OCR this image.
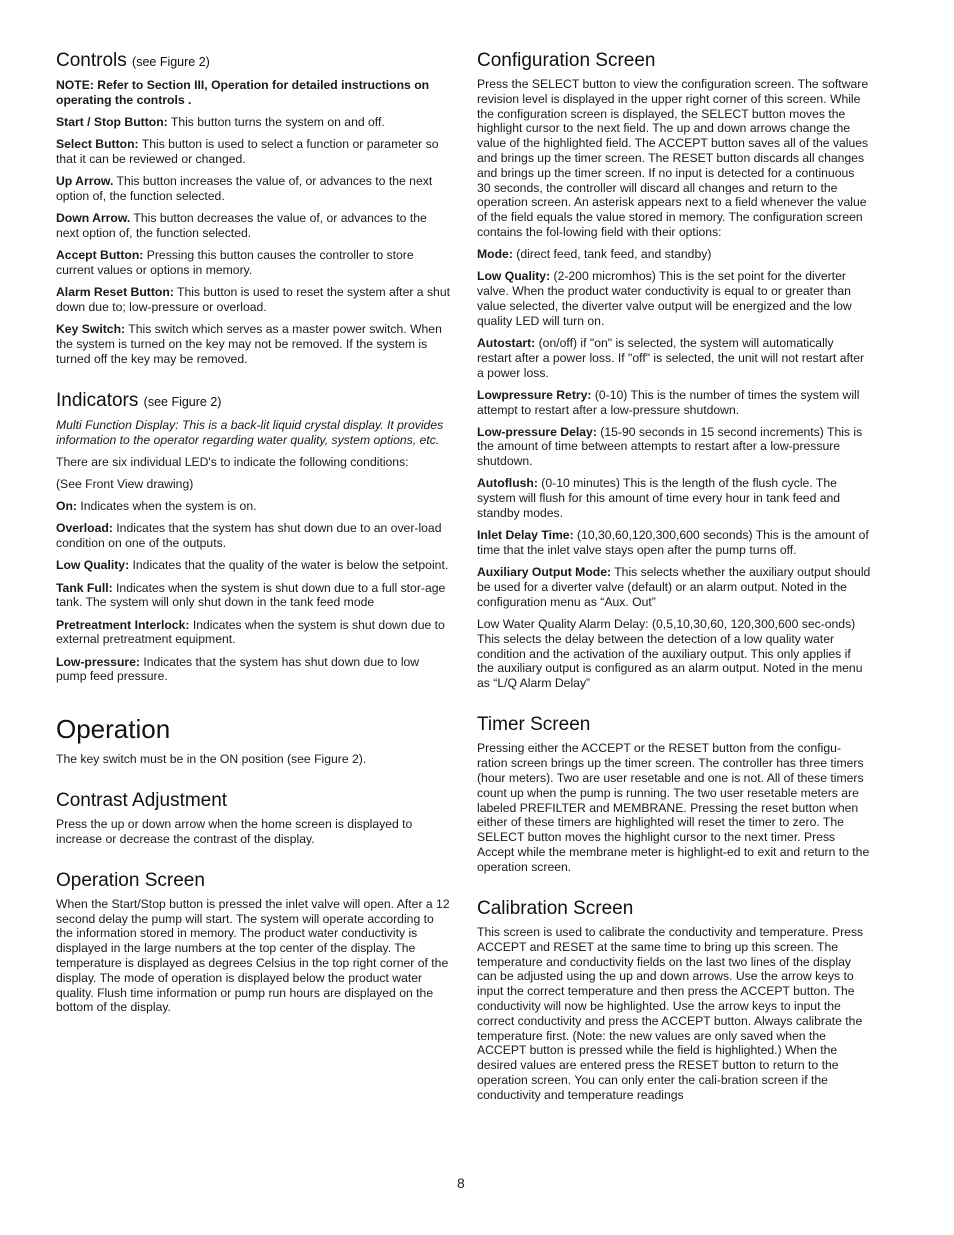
Controls (see Figure 2)

NOTE: Refer to Section III, Operation for detailed instructions on operating the controls .

Start / Stop Button: This button turns the system on and off.

Select Button: This button is used to select a function or parameter so that it can be reviewed or changed.

Up Arrow. This button increases the value of, or advances to the next option of, the function selected.

Down Arrow. This button decreases the value of, or advances to the next option of, the function selected.

Accept Button: Pressing this button causes the controller to store current values or options in memory.

Alarm Reset Button: This button is used to reset the system after a shut down due to; low-pressure or overload.

Key Switch: This switch which serves as a master power switch. When the system is turned on the key may not be removed. If the system is turned off the key may be removed.

Indicators (see Figure 2)

Multi Function Display: This is a back-lit liquid crystal display. It provides information to the operator regarding water quality, system options, etc.

There are six individual LED's to indicate the following conditions:

(See Front View drawing)

On: Indicates when the system is on.

Overload: Indicates that the system has shut down due to an over-load condition on one of the outputs.

Low Quality: Indicates that the quality of the water is below the setpoint.

Tank Full: Indicates when the system is shut down due to a full stor-age tank. The system will only shut down in the tank feed mode

Pretreatment Interlock: Indicates when the system is shut down due to external pretreatment equipment.

Low-pressure: Indicates that the system has shut down due to low pump feed pressure.

Operation

The key switch must be in the ON position (see Figure 2).

Contrast Adjustment

Press the up or down arrow when the home screen is displayed to increase or decrease the contrast of the display.

Operation Screen

When the Start/Stop button is pressed the inlet valve will open. After a 12 second delay the pump will start. The system will operate according to the information stored in memory. The product water conductivity is displayed in the large numbers at the top center of the display. The temperature is displayed as degrees Celsius in the top right corner of the display. The mode of operation is displayed below the product water quality. Flush time information or pump run hours are displayed on the bottom of the display.

Configuration Screen

Press the SELECT button to view the configuration screen. The software revision level is displayed in the upper right corner of this screen. While the configuration screen is displayed, the SELECT button moves the highlight cursor to the next field. The up and down arrows change the value of the highlighted field. The ACCEPT button saves all of the values and brings up the timer screen. The RESET button discards all changes and brings up the timer screen. If no input is detected for a continuous 30 seconds, the controller will discard all changes and return to the operation screen. An asterisk appears next to a field whenever the value of the field equals the value stored in memory. The configuration screen contains the fol-lowing field with their options:

Mode: (direct feed, tank feed, and standby)

Low Quality: (2-200 micromhos) This is the set point for the diverter valve. When the product water conductivity is equal to or greater than value selected, the diverter valve output will be energized and the low quality LED will turn on.

Autostart: (on/off) if "on" is selected, the system will automatically restart after a power loss. If "off" is selected, the unit will not restart after a power loss.

Lowpressure Retry: (0-10) This is the number of times the system will attempt to restart after a low-pressure shutdown.

Low-pressure Delay: (15-90 seconds in 15 second increments) This is the amount of time between attempts to restart after a low-pressure shutdown.

Autoflush: (0-10 minutes) This is the length of the flush cycle. The system will flush for this amount of time every hour in tank feed and standby modes.

Inlet Delay Time: (10,30,60,120,300,600 seconds) This is the amount of time that the inlet valve stays open after the pump turns off.

Auxiliary Output Mode: This selects whether the auxiliary output should be used for a diverter valve (default) or an alarm output. Noted in the configuration menu as “Aux. Out”

Low Water Quality Alarm Delay: (0,5,10,30,60, 120,300,600 sec-onds) This selects the delay between the detection of a low quality water condition and the activation of the auxiliary output. This only applies if the auxiliary output is configured as an alarm output. Noted in the menu as “L/Q Alarm Delay”

Timer Screen

Pressing either the ACCEPT or the RESET button from the configu-ration screen brings up the timer screen. The controller has three timers (hour meters). Two are user resetable and one is not. All of these timers count up when the pump is running. The two user resetable meters are labeled PREFILTER and MEMBRANE. Pressing the reset button when either of these timers are highlighted will reset the timer to zero. The SELECT button moves the highlight cursor to the next timer. Press Accept while the membrane meter is highlight-ed to exit and return to the operation screen.

Calibration Screen

This screen is used to calibrate the conductivity and temperature. Press ACCEPT and RESET at the same time to bring up this screen. The temperature and conductivity fields on the last two lines of the display can be adjusted using the up and down arrows. Use the arrow keys to input the correct temperature and then press the ACCEPT button. The conductivity will now be highlighted. Use the arrow keys to input the correct conductivity and press the ACCEPT button. Always calibrate the temperature first. (Note: the new values are only saved when the ACCEPT button is pressed while the field is highlighted.) When the desired values are entered press the RESET button to return to the operation screen. You can only enter the cali-bration screen if the conductivity and temperature readings

8
